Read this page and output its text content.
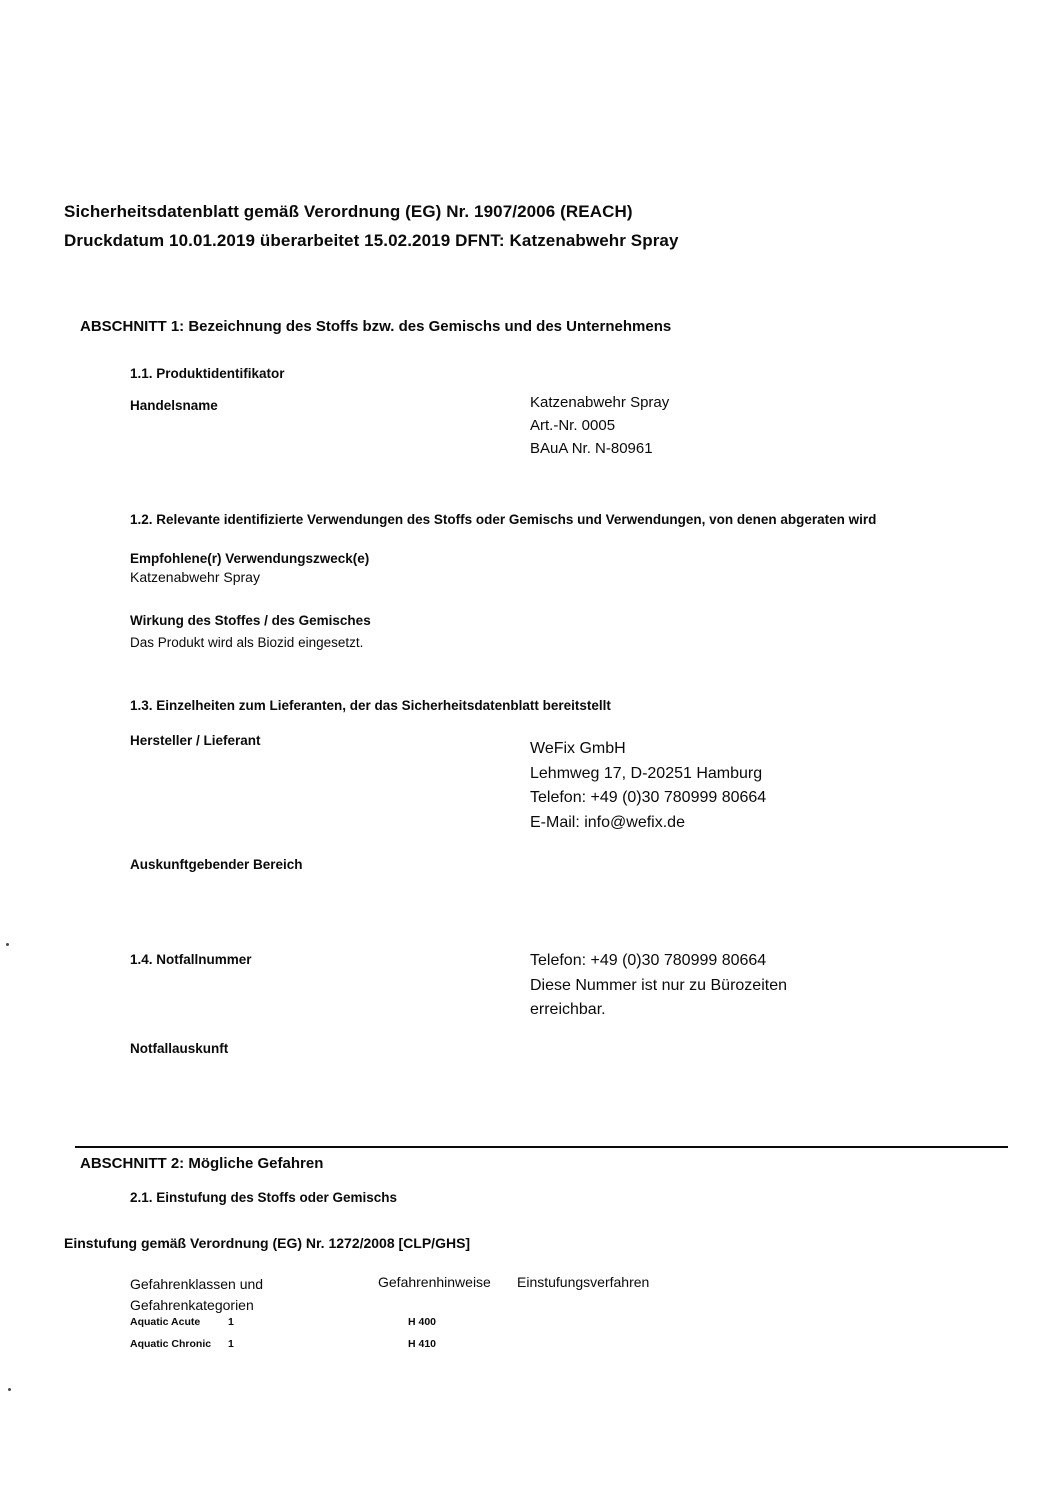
Sicherheitsdatenblatt gemäß Verordnung (EG) Nr. 1907/2006 (REACH)
Druckdatum 10.01.2019 überarbeitet 15.02.2019 DFNT: Katzenabwehr Spray
ABSCHNITT 1: Bezeichnung des Stoffs bzw. des Gemischs und des Unternehmens
1.1. Produktidentifikator
Handelsname	Katzenabwehr Spray
Art.-Nr. 0005
BAuA Nr. N-80961
1.2. Relevante identifizierte Verwendungen des Stoffs oder Gemischs und Verwendungen, von denen abgeraten wird
Empfohlene(r) Verwendungszweck(e)
Katzenabwehr Spray
Wirkung des Stoffes / des Gemisches
Das Produkt wird als Biozid eingesetzt.
1.3. Einzelheiten zum Lieferanten, der das Sicherheitsdatenblatt bereitstellt
Hersteller / Lieferant	WeFix GmbH
Lehmweg 17, D-20251 Hamburg
Telefon: +49 (0)30 780999 80664
E-Mail: info@wefix.de
Auskunftgebender Bereich
1.4. Notfallnummer	Telefon: +49 (0)30 780999 80664
Diese Nummer ist nur zu Bürozeiten erreichbar.
Notfallauskunft
ABSCHNITT 2: Mögliche Gefahren
2.1. Einstufung des Stoffs oder Gemischs
Einstufung gemäß Verordnung (EG) Nr. 1272/2008 [CLP/GHS]
Gefahrenklassen und Gefahrenkategorien
Gefahrenhinweise Einstufungsverfahren
Aquatic Acute	1	H 400
Aquatic Chronic 1	H 410
